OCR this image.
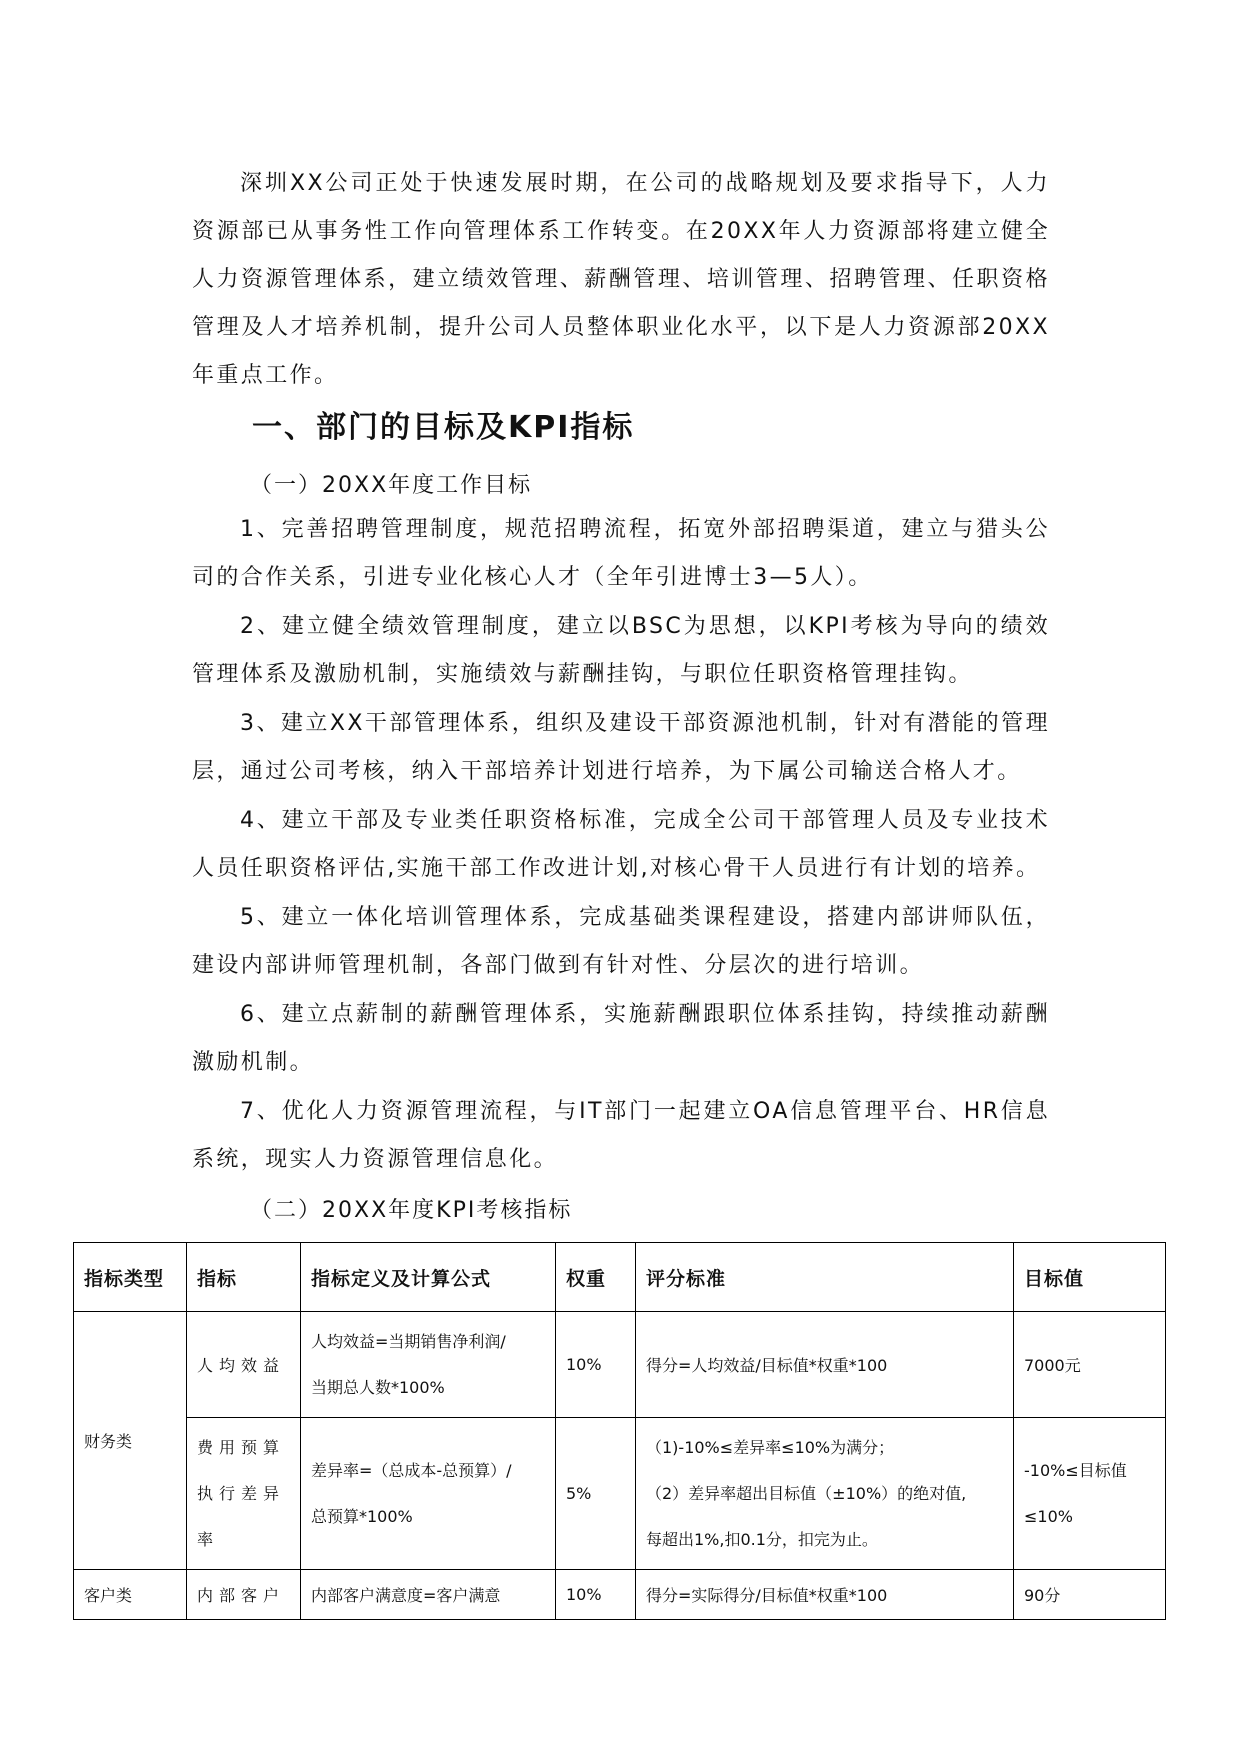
深圳XX公司正处于快速发展时期，在公司的战略规划及要求指导下，人力资源部已从事务性工作向管理体系工作转变。在20XX年人力资源部将建立健全人力资源管理体系，建立绩效管理、薪酬管理、培训管理、招聘管理、任职资格管理及人才培养机制，提升公司人员整体职业化水平，以下是人力资源部20XX年重点工作。

一、部门的目标及KPI指标

（一）20XX年度工作目标

1、完善招聘管理制度，规范招聘流程，拓宽外部招聘渠道，建立与猎头公司的合作关系，引进专业化核心人才（全年引进博士3—5人）。

2、建立健全绩效管理制度，建立以BSC为思想，以KPI考核为导向的绩效管理体系及激励机制，实施绩效与薪酬挂钩，与职位任职资格管理挂钩。

3、建立XX干部管理体系，组织及建设干部资源池机制，针对有潜能的管理层，通过公司考核，纳入干部培养计划进行培养，为下属公司输送合格人才。

4、建立干部及专业类任职资格标准，完成全公司干部管理人员及专业技术人员任职资格评估,实施干部工作改进计划,对核心骨干人员进行有计划的培养。

5、建立一体化培训管理体系，完成基础类课程建设，搭建内部讲师队伍，建设内部讲师管理机制，各部门做到有针对性、分层次的进行培训。

6、建立点薪制的薪酬管理体系，实施薪酬跟职位体系挂钩，持续推动薪酬激励机制。

7、优化人力资源管理流程，与IT部门一起建立OA信息管理平台、HR信息系统，现实人力资源管理信息化。

（二）20XX年度KPI考核指标

指标类型	指标	指标定义及计算公式	权重	评分标准	目标值
财务类	人均效益	人均效益=当期销售净利润/
当期总人数*100%	10%	得分=人均效益/目标值*权重*100	7000元

	费用预算
执行差异
率	差异率=（总成本-总预算）/
总预算*100%	5%	（1)-10%≤差异率≤10%为满分；
（2）差异率超出目标值（±10%）的绝对值,
每超出1%,扣0.1分，扣完为止。	-10%≤目标值
≤10%

客户类	内部客户	内部客户满意度=客户满意	10%	得分=实际得分/目标值*权重*100	90分
